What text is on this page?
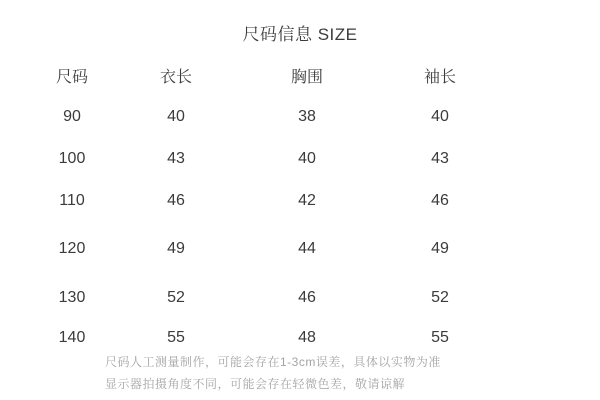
尺码信息 SIZE
尺码	衣长	胸围	袖长
90	40	38	40
100	43	40	43
110	46	42	46
120	49	44	49
130	52	46	52
140	55	48	55
尺码人工测量制作，可能会存在1-3cm误差，具体以实物为准
显示器拍摄角度不同，可能会存在轻微色差，敬请谅解
